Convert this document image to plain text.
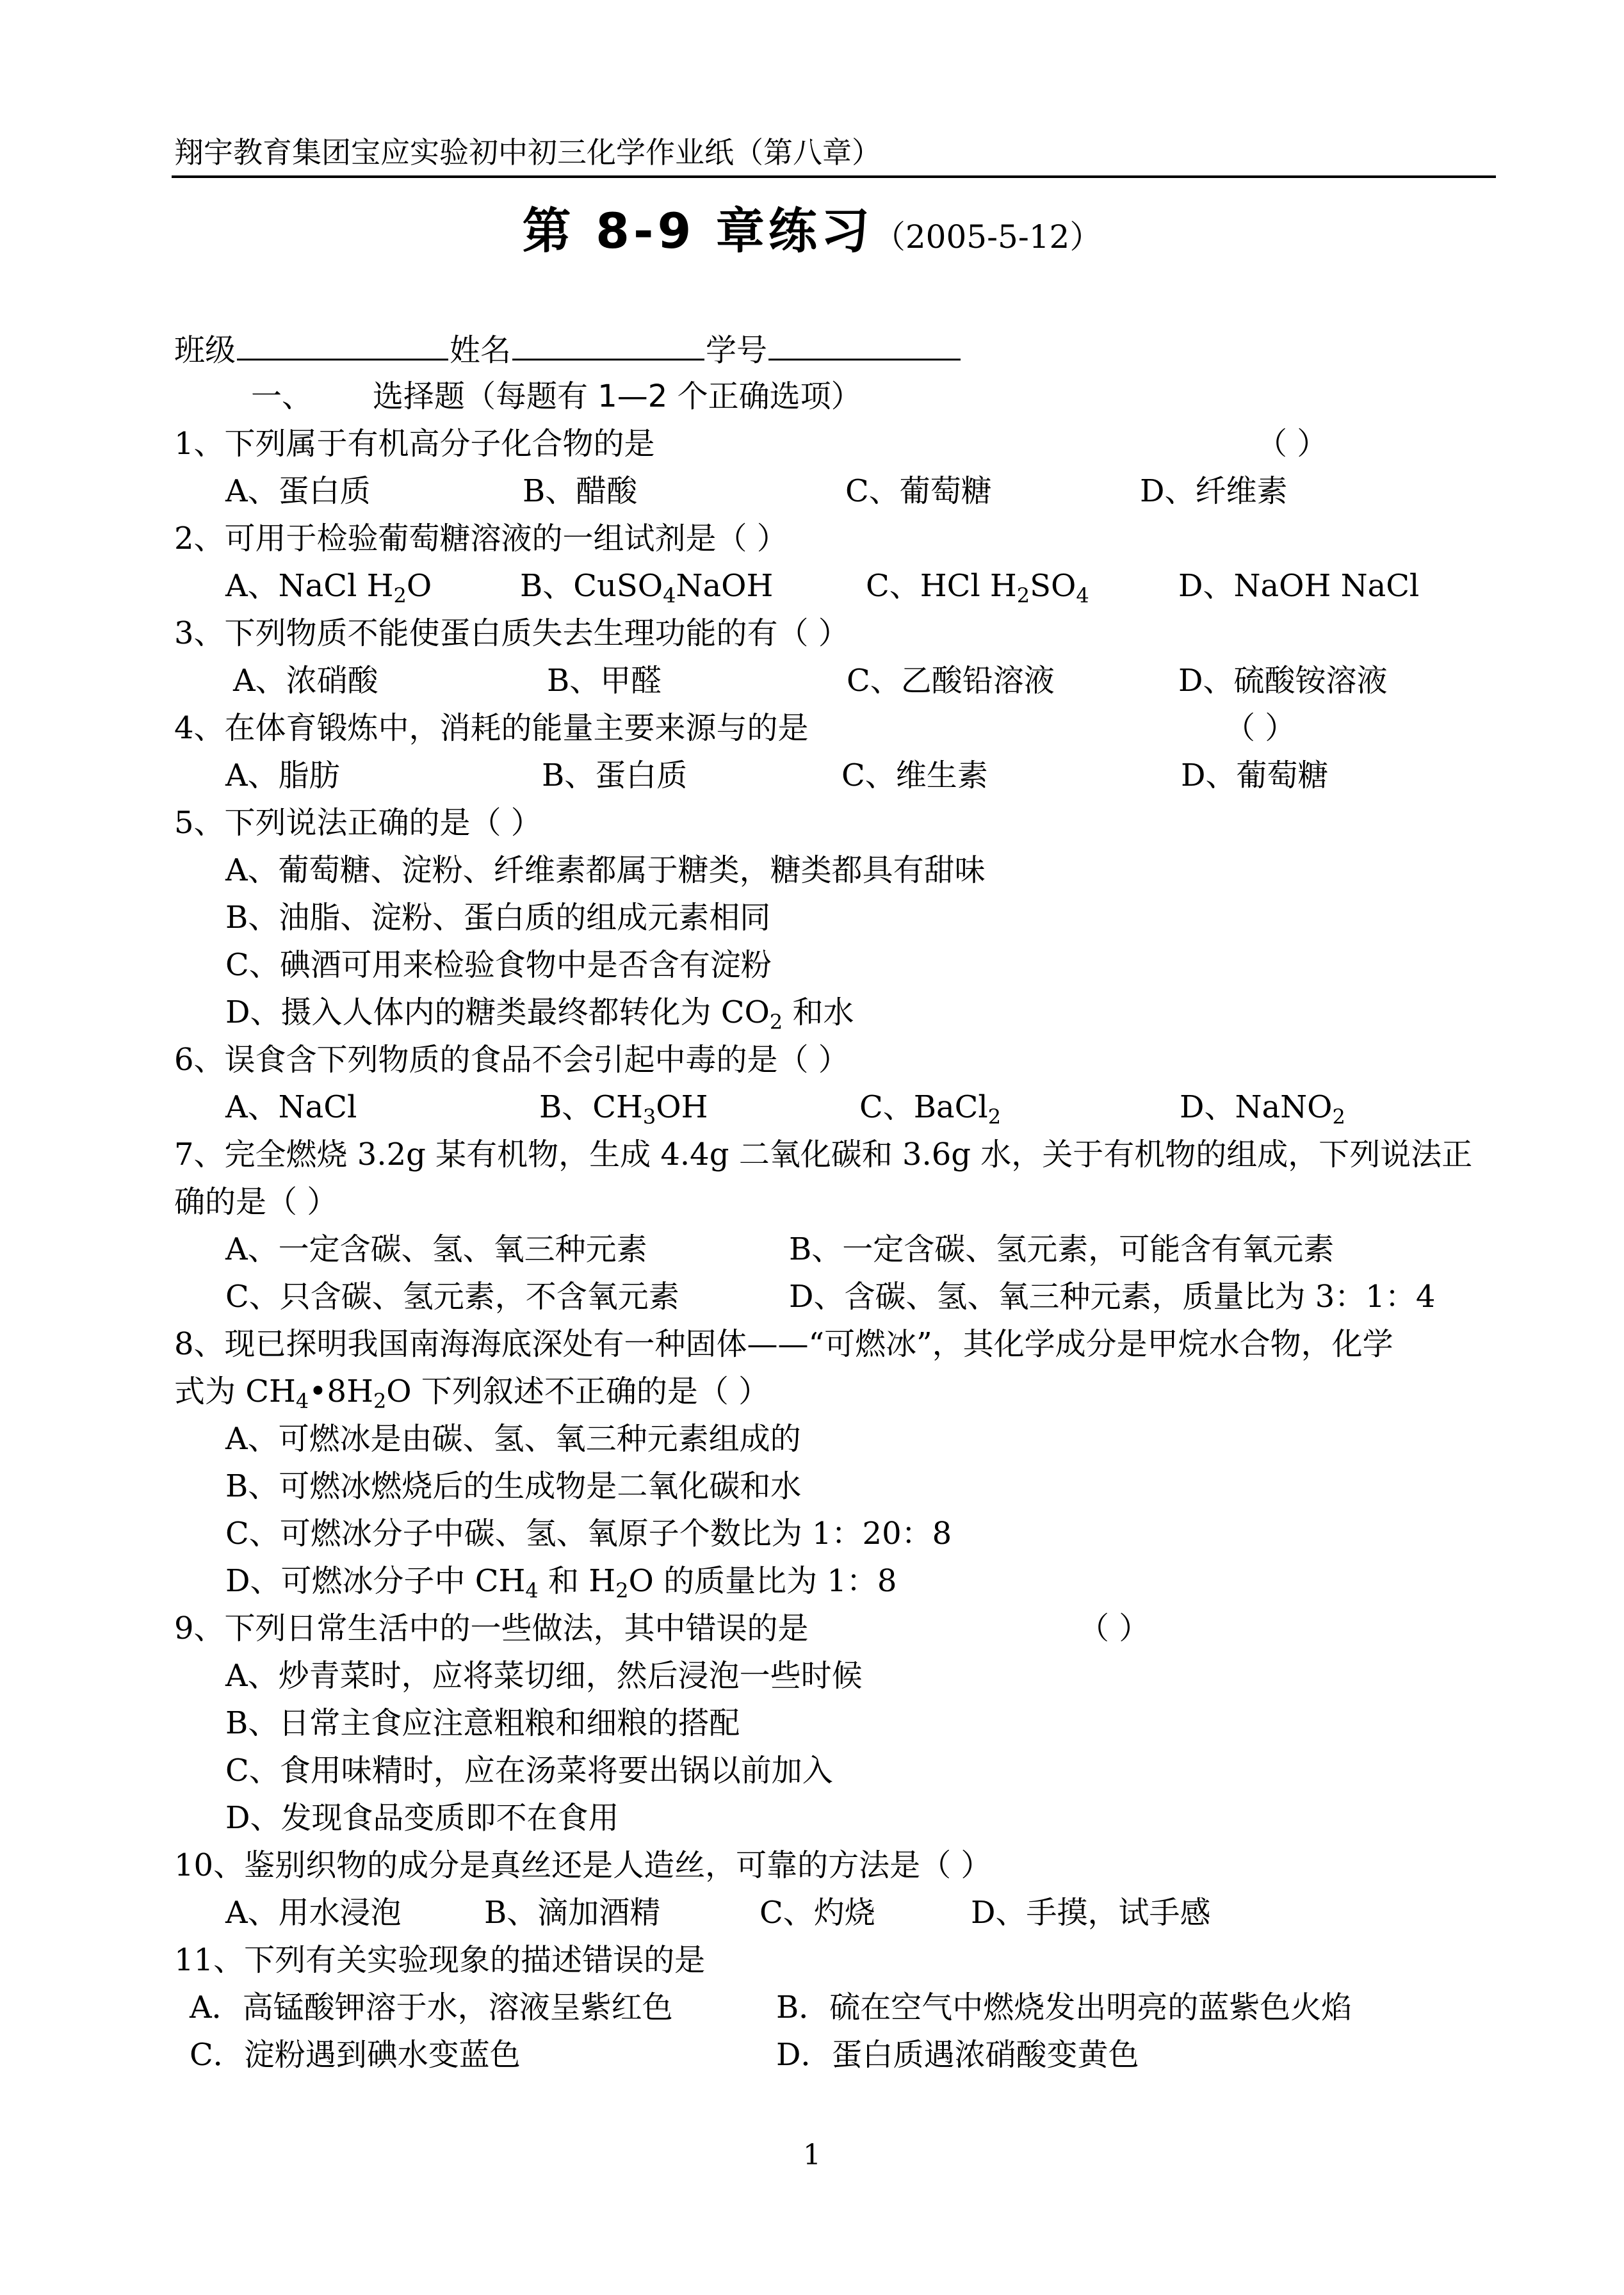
翔宇教育集团宝应实验初中初三化学作业纸（第八章）
第 8-9 章练习（2005-5-12）
班级	姓名	学号
一、 选择题（每题有 1—2 个正确选项）
1、下列属于有机高分子化合物的是	（ ）
A、蛋白质	B、醋酸	C、葡萄糖	D、纤维素
2、可用于检验葡萄糖溶液的一组试剂是（ ）
A、NaCl $H_2O$	B、CuSO$_4$NaOH	C、HCl $H_2SO_4$	D、NaOH NaCl
3、下列物质不能使蛋白质失去生理功能的有（ ）
A、浓硝酸	B、甲醛	C、乙酸铅溶液	D、硫酸铵溶液
4、在体育锻炼中，消耗的能量主要来源与的是	（ ）
A、脂肪	B、蛋白质	C、维生素	D、葡萄糖
5、下列说法正确的是（ ）
A、葡萄糖、淀粉、纤维素都属于糖类，糖类都具有甜味
B、油脂、淀粉、蛋白质的组成元素相同
C、碘酒可用来检验食物中是否含有淀粉
D、摄入人体内的糖类最终都转化为 $CO_2$ 和水
6、误食含下列物质的食品不会引起中毒的是（ ）
A、NaCl	B、$CH_3OH$	C、BaCl$_2$	D、NaNO$_2$
7、完全燃烧 3.2g 某有机物，生成 4.4g 二氧化碳和 3.6g 水，关于有机物的组成，下列说法正
确的是（ ）
A、一定含碳、氢、氧三种元素	B、一定含碳、氢元素，可能含有氧元素
C、只含碳、氢元素，不含氧元素	D、含碳、氢、氧三种元素，质量比为 3：1：4
8、现已探明我国南海海底深处有一种固体——“可燃冰”，其化学成分是甲烷水合物，化学
式为 $CH_4•8H_2O$ 下列叙述不正确的是（ ）
A、可燃冰是由碳、氢、氧三种元素组成的
B、可燃冰燃烧后的生成物是二氧化碳和水
C、可燃冰分子中碳、氢、氧原子个数比为 1：20：8
D、可燃冰分子中 $CH_4$ 和 $H_2O$ 的质量比为 1：8
9、下列日常生活中的一些做法，其中错误的是	（ ）
A、炒青菜时，应将菜切细，然后浸泡一些时候
B、日常主食应注意粗粮和细粮的搭配
C、食用味精时，应在汤菜将要出锅以前加入
D、发现食品变质即不在食用
10、鉴别织物的成分是真丝还是人造丝，可靠的方法是（ ）
A、用水浸泡	B、滴加酒精	C、灼烧	D、手摸，试手感
11、下列有关实验现象的描述错误的是
A．高锰酸钾溶于水，溶液呈紫红色	B．硫在空气中燃烧发出明亮的蓝紫色火焰
C．淀粉遇到碘水变蓝色	D．蛋白质遇浓硝酸变黄色
1
